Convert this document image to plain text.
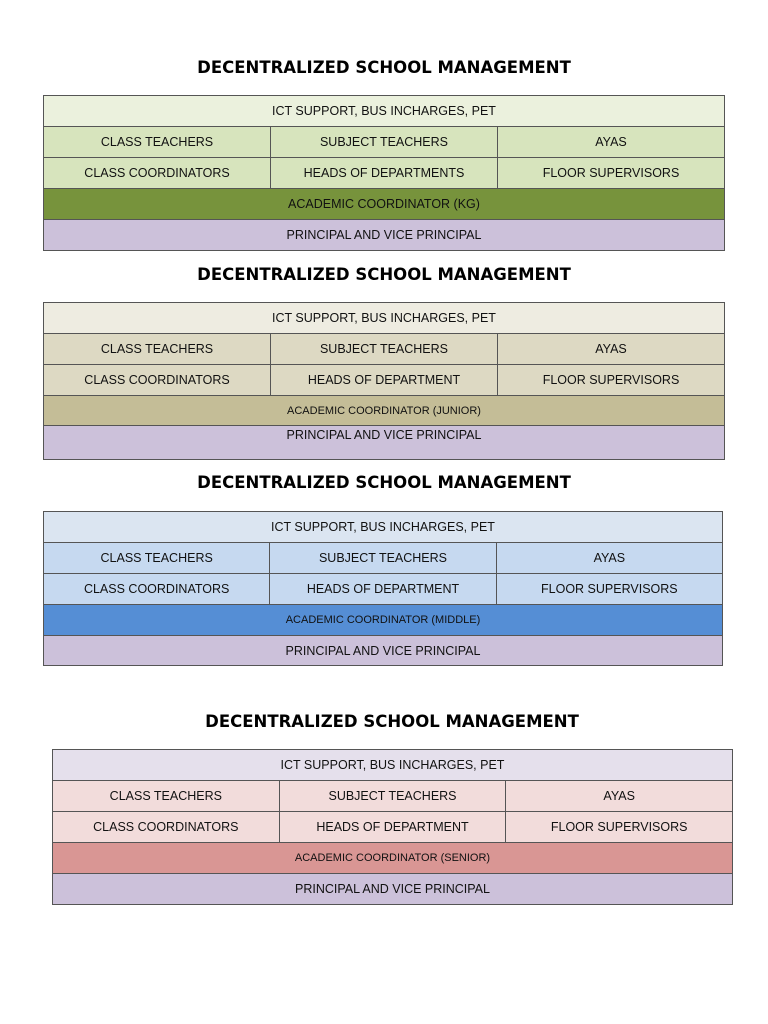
DECENTRALIZED SCHOOL MANAGEMENT
ICT SUPPORT, BUS INCHARGES, PET
CLASS TEACHERS	SUBJECT TEACHERS	AYAS
CLASS COORDINATORS	HEADS OF DEPARTMENTS	FLOOR SUPERVISORS
ACADEMIC COORDINATOR (KG)
PRINCIPAL AND VICE PRINCIPAL
DECENTRALIZED SCHOOL MANAGEMENT
ICT SUPPORT, BUS INCHARGES, PET
CLASS TEACHERS	SUBJECT TEACHERS	AYAS
CLASS COORDINATORS	HEADS OF DEPARTMENT	FLOOR SUPERVISORS
ACADEMIC COORDINATOR (JUNIOR)
PRINCIPAL AND VICE PRINCIPAL
DECENTRALIZED SCHOOL MANAGEMENT
ICT SUPPORT, BUS INCHARGES, PET
CLASS TEACHERS	SUBJECT TEACHERS	AYAS
CLASS COORDINATORS	HEADS OF DEPARTMENT	FLOOR SUPERVISORS
ACADEMIC COORDINATOR (MIDDLE)
PRINCIPAL AND VICE PRINCIPAL
DECENTRALIZED SCHOOL MANAGEMENT
ICT SUPPORT, BUS INCHARGES, PET
CLASS TEACHERS	SUBJECT TEACHERS	AYAS
CLASS COORDINATORS	HEADS OF DEPARTMENT	FLOOR SUPERVISORS
ACADEMIC COORDINATOR (SENIOR)
PRINCIPAL AND VICE PRINCIPAL
